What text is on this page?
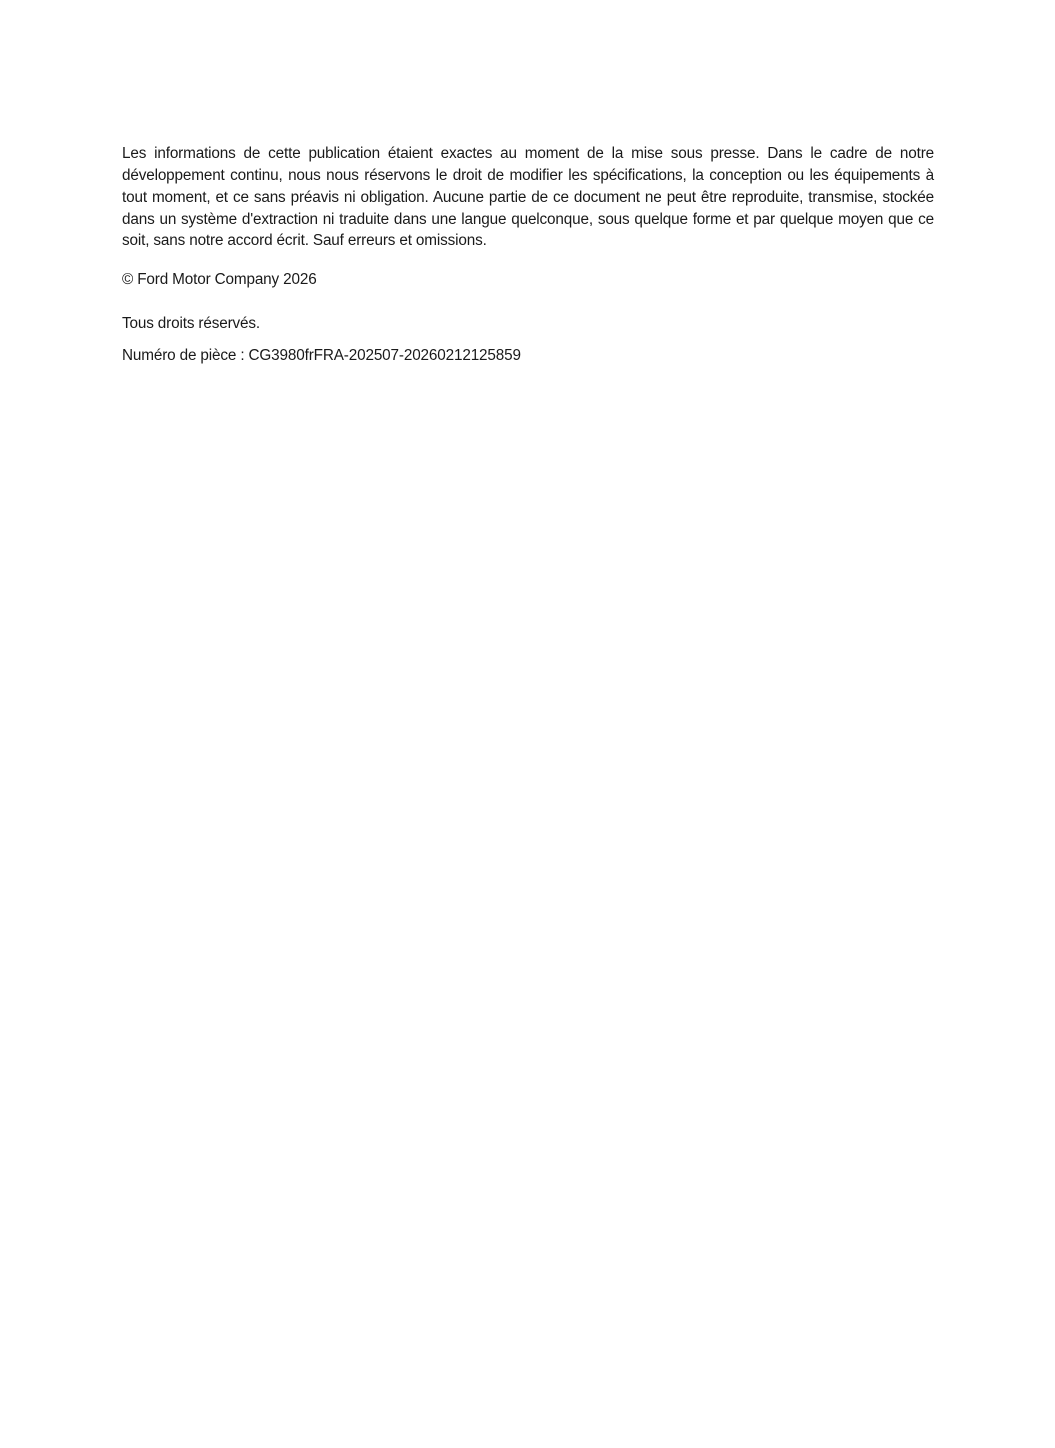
Les informations de cette publication étaient exactes au moment de la mise sous presse. Dans le cadre de notre développement continu, nous nous réservons le droit de modifier les spécifications, la conception ou les équipements à tout moment, et ce sans préavis ni obligation. Aucune partie de ce document ne peut être reproduite, transmise, stockée dans un système d'extraction ni traduite dans une langue quelconque, sous quelque forme et par quelque moyen que ce soit, sans notre accord écrit. Sauf erreurs et omissions.

© Ford Motor Company 2026

Tous droits réservés.

Numéro de pièce : CG3980frFRA-202507-20260212125859
